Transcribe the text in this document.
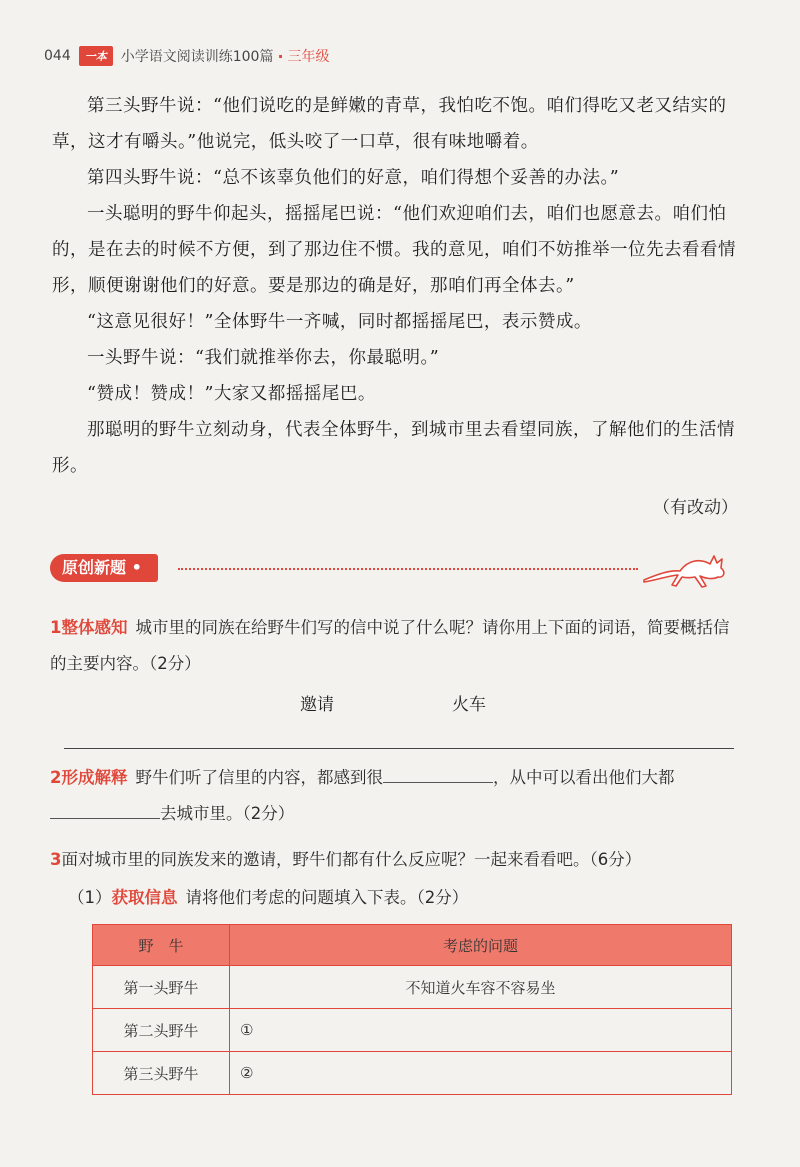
044	一本	小学语文阅读训练100篇 · 三年级

第三头野牛说：“他们说吃的是鲜嫩的青草，我怕吃不饱。咱们得吃又老又结实的草，这才有嚼头。”他说完，低头咬了一口草，很有味地嚼着。

第四头野牛说：“总不该辜负他们的好意，咱们得想个妥善的办法。”

一头聪明的野牛仰起头，摇摇尾巴说：“他们欢迎咱们去，咱们也愿意去。咱们怕的，是在去的时候不方便，到了那边住不惯。我的意见，咱们不妨推举一位先去看看情形，顺便谢谢他们的好意。要是那边的确是好，那咱们再全体去。”

“这意见很好！”全体野牛一齐喊，同时都摇摇尾巴，表示赞成。

一头野牛说：“我们就推举你去，你最聪明。”

“赞成！赞成！”大家又都摇摇尾巴。

那聪明的野牛立刻动身，代表全体野牛，到城市里去看望同族，了解他们的生活情形。

（有改动）
原创新题 •
1整体感知 城市里的同族在给野牛们写的信中说了什么呢？请你用上下面的词语，简要概括信的主要内容。（2分）
邀请	火车
2形成解释 野牛们听了信里的内容，都感到很	，从中可以看出他们大都去城市里。（2分）
3面对城市里的同族发来的邀请，野牛们都有什么反应呢？一起来看看吧。（6分）
（1）获取信息 请将他们考虑的问题填入下表。（2分）
野　牛	考虑的问题
第一头野牛	不知道火车容不容易坐
第二头野牛	①
第三头野牛	②
